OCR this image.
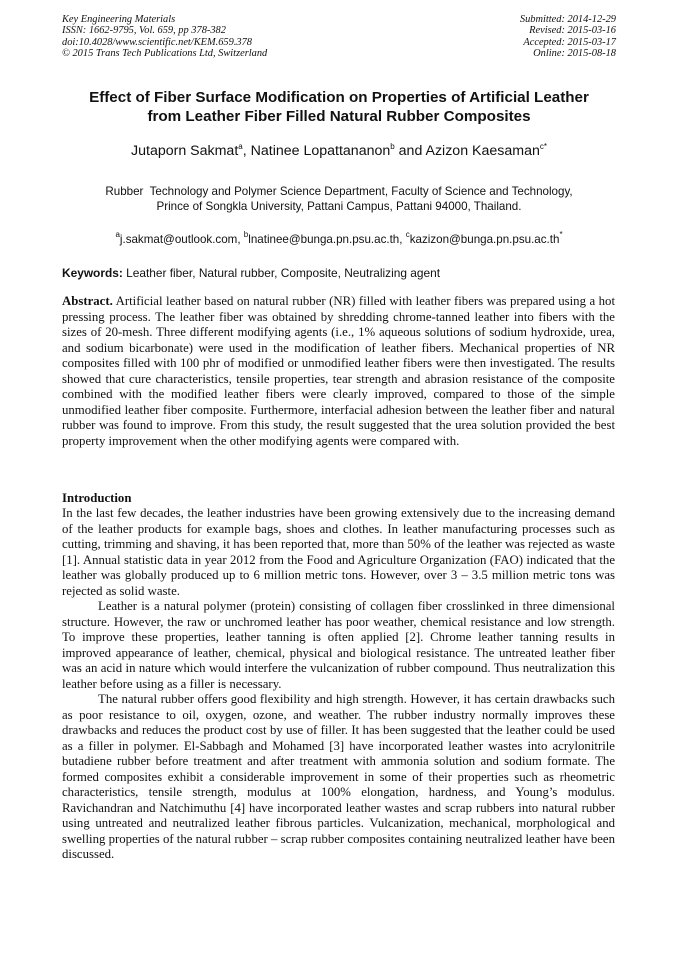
Key Engineering Materials
ISSN: 1662-9795, Vol. 659, pp 378-382
doi:10.4028/www.scientific.net/KEM.659.378
© 2015 Trans Tech Publications Ltd, Switzerland
Submitted: 2014-12-29
Revised: 2015-03-16
Accepted: 2015-03-17
Online: 2015-08-18
Effect of Fiber Surface Modification on Properties of Artificial Leather
from Leather Fiber Filled Natural Rubber Composites
Jutaporn Sakmat$^a$, Natinee Lopattananon$^b$ and Azizon Kaesaman$^{c*}$
Rubber  Technology and Polymer Science Department, Faculty of Science and Technology,
Prince of Songkla University, Pattani Campus, Pattani 94000, Thailand.
$^a$j.sakmat@outlook.com, $^b$lnatinee@bunga.pn.psu.ac.th, $^c$kazizon@bunga.pn.psu.ac.th*
Keywords: Leather fiber, Natural rubber, Composite, Neutralizing agent

Abstract. Artificial leather based on natural rubber (NR) filled with leather fibers was prepared using a hot pressing process. The leather fiber was obtained by shredding chrome-tanned leather into fibers with the sizes of 20-mesh. Three different modifying agents (i.e., 1% aqueous solutions of sodium hydroxide, urea, and sodium bicarbonate) were used in the modification of leather fibers. Mechanical properties of NR composites filled with 100 phr of modified or unmodified leather fibers were then investigated. The results showed that cure characteristics, tensile properties, tear strength and abrasion resistance of the composite combined with the modified leather fibers were clearly improved, compared to those of the simple unmodified leather fiber composite. Furthermore, interfacial adhesion between the leather fiber and natural rubber was found to improve. From this study, the result suggested that the urea solution provided the best property improvement when the other modifying agents were compared with.

Introduction

In the last few decades, the leather industries have been growing extensively due to the increasing demand of the leather products for example bags, shoes and clothes. In leather manufacturing processes such as cutting, trimming and shaving, it has been reported that, more than 50% of the leather was rejected as waste [1]. Annual statistic data in year 2012 from the Food and Agriculture Organization (FAO) indicated that the leather was globally produced up to 6 million metric tons. However, over 3 – 3.5 million metric tons was rejected as solid waste.

Leather is a natural polymer (protein) consisting of collagen fiber crosslinked in three dimensional structure. However, the raw or unchromed leather has poor weather, chemical resistance and low strength. To improve these properties, leather tanning is often applied [2]. Chrome leather tanning results in improved appearance of leather, chemical, physical and biological resistance. The untreated leather fiber was an acid in nature which would interfere the vulcanization of rubber compound. Thus neutralization this leather before using as a filler is necessary.

The natural rubber offers good flexibility and high strength. However, it has certain drawbacks such as poor resistance to oil, oxygen, ozone, and weather. The rubber industry normally improves these drawbacks and reduces the product cost by use of filler. It has been suggested that the leather could be used as a filler in polymer. El-Sabbagh and Mohamed [3] have incorporated leather wastes into acrylonitrile butadiene rubber before treatment and after treatment with ammonia solution and sodium formate. The formed composites exhibit a considerable improvement in some of their properties such as rheometric characteristics, tensile strength, modulus at 100% elongation, hardness, and Young’s modulus. Ravichandran and Natchimuthu [4] have incorporated leather wastes and scrap rubbers into natural rubber using untreated and neutralized leather fibrous particles. Vulcanization, mechanical, morphological and swelling properties of the natural rubber – scrap rubber composites containing neutralized leather have been discussed.
